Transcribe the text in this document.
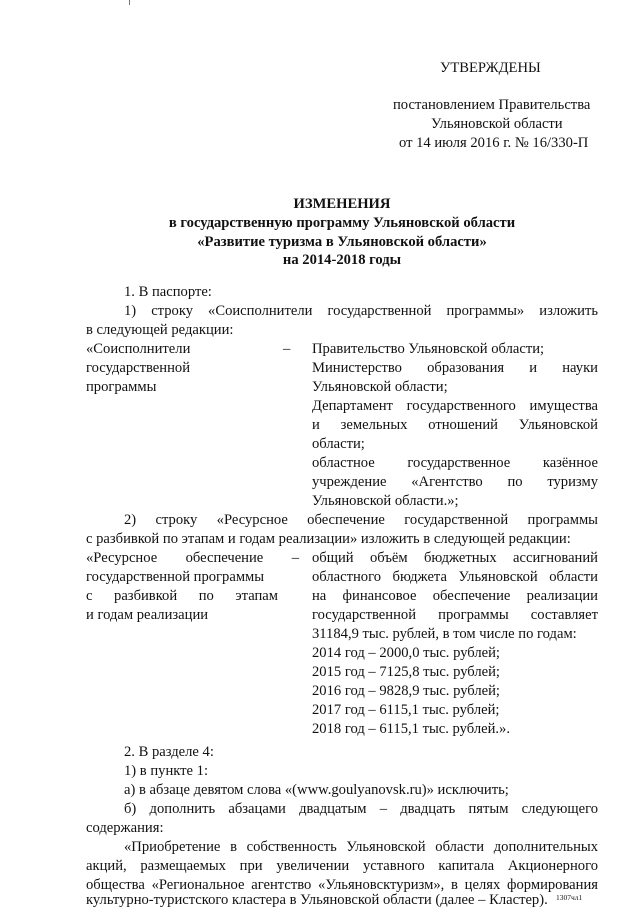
УТВЕРЖДЕНЫ
постановлением Правительства
Ульяновской области
от 14 июля 2016 г. № 16/330-П
ИЗМЕНЕНИЯ
в государственную программу Ульяновской области
«Развитие туризма в Ульяновской области»
на 2014-2018 годы
1. В паспорте:
1) строку «Соисполнители государственной программы» изложить
в следующей редакции:
«Соисполнители
государственной
программы
– Правительство Ульяновской области;
Министерство образования и науки
Ульяновской области;
Департамент государственного имущества
и земельных отношений Ульяновской
области;
областное государственное казённое
учреждение «Агентство по туризму
Ульяновской области.»;
2) строку «Ресурсное обеспечение государственной программы
с разбивкой по этапам и годам реализации» изложить в следующей редакции:
«Ресурсное обеспечение –
государственной программы
с разбивкой по этапам
и годам реализации
общий объём бюджетных ассигнований
областного бюджета Ульяновской области
на финансовое обеспечение реализации
государственной программы составляет
31184,9 тыс. рублей, в том числе по годам:
2014 год – 2000,0 тыс. рублей;
2015 год – 7125,8 тыс. рублей;
2016 год – 9828,9 тыс. рублей;
2017 год – 6115,1 тыс. рублей;
2018 год – 6115,1 тыс. рублей.».
2. В разделе 4:
1) в пункте 1:
а) в абзаце девятом слова «(www.goulyanovsk.ru)» исключить;
б) дополнить абзацами двадцатым – двадцать пятым следующего
содержания:
«Приобретение в собственность Ульяновской области дополнительных
акций, размещаемых при увеличении уставного капитала Акционерного
общества «Региональное агентство «Ульяновсктуризм», в целях формирования
культурно-туристского кластера в Ульяновской области (далее – Кластер). 1307чл1
